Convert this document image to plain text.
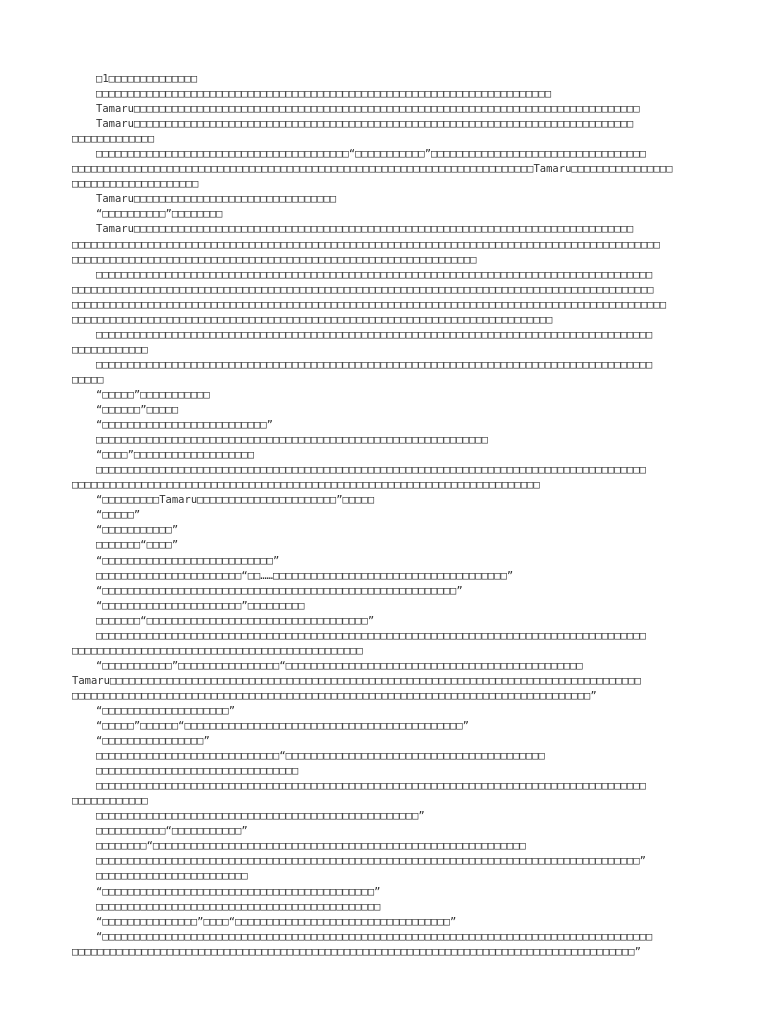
□1□□□□□□□□□□□□□□
□□□□□□□□□□□□□□□□□□□□□□□□□□□□□□□□□□□□□□□□□□□□□□□□□□□□□□□□□□□□□□□□□□□□□□□□
Tamaru□□□□□□□□□□□□□□□□□□□□□□□□□□□□□□□□□□□□□□□□□□□□□□□□□□□□□□□□□□□□□□□□□□□□□□□□□□□□□□□□
Tamaru□□□□□□□□□□□□□□□□□□□□□□□□□□□□□□□□□□□□□□□□□□□□□□□□□□□□□□□□□□□□□□□□□□□□□□□□□□□□□□□
□□□□□□□□□□□□□
□□□□□□□□□□□□□□□□□□□□□□□□□□□□□□□□□□□□□□□□“□□□□□□□□□□□”□□□□□□□□□□□□□□□□□□□□□□□□□□□□□□□□□□
□□□□□□□□□□□□□□□□□□□□□□□□□□□□□□□□□□□□□□□□□□□□□□□□□□□□□□□□□□□□□□□□□□□□□□□□□Tamaru□□□□□□□□□□□□□□□□
□□□□□□□□□□□□□□□□□□□□
Tamaru□□□□□□□□□□□□□□□□□□□□□□□□□□□□□□□□
“□□□□□□□□□□”□□□□□□□□
Tamaru□□□□□□□□□□□□□□□□□□□□□□□□□□□□□□□□□□□□□□□□□□□□□□□□□□□□□□□□□□□□□□□□□□□□□□□□□□□□□□□
□□□□□□□□□□□□□□□□□□□□□□□□□□□□□□□□□□□□□□□□□□□□□□□□□□□□□□□□□□□□□□□□□□□□□□□□□□□□□□□□□□□□□□□□□□□□□
□□□□□□□□□□□□□□□□□□□□□□□□□□□□□□□□□□□□□□□□□□□□□□□□□□□□□□□□□□□□□□□□
□□□□□□□□□□□□□□□□□□□□□□□□□□□□□□□□□□□□□□□□□□□□□□□□□□□□□□□□□□□□□□□□□□□□□□□□□□□□□□□□□□□□□□□□
□□□□□□□□□□□□□□□□□□□□□□□□□□□□□□□□□□□□□□□□□□□□□□□□□□□□□□□□□□□□□□□□□□□□□□□□□□□□□□□□□□□□□□□□□□□□
□□□□□□□□□□□□□□□□□□□□□□□□□□□□□□□□□□□□□□□□□□□□□□□□□□□□□□□□□□□□□□□□□□□□□□□□□□□□□□□□□□□□□□□□□□□□□□
□□□□□□□□□□□□□□□□□□□□□□□□□□□□□□□□□□□□□□□□□□□□□□□□□□□□□□□□□□□□□□□□□□□□□□□□□□□□
□□□□□□□□□□□□□□□□□□□□□□□□□□□□□□□□□□□□□□□□□□□□□□□□□□□□□□□□□□□□□□□□□□□□□□□□□□□□□□□□□□□□□□□□
□□□□□□□□□□□□
□□□□□□□□□□□□□□□□□□□□□□□□□□□□□□□□□□□□□□□□□□□□□□□□□□□□□□□□□□□□□□□□□□□□□□□□□□□□□□□□□□□□□□□□
□□□□□
“□□□□□”□□□□□□□□□□□
“□□□□□□”□□□□□
“□□□□□□□□□□□□□□□□□□□□□□□□□□”
□□□□□□□□□□□□□□□□□□□□□□□□□□□□□□□□□□□□□□□□□□□□□□□□□□□□□□□□□□□□□□
“□□□□”□□□□□□□□□□□□□□□□□□□
□□□□□□□□□□□□□□□□□□□□□□□□□□□□□□□□□□□□□□□□□□□□□□□□□□□□□□□□□□□□□□□□□□□□□□□□□□□□□□□□□□□□□□□
□□□□□□□□□□□□□□□□□□□□□□□□□□□□□□□□□□□□□□□□□□□□□□□□□□□□□□□□□□□□□□□□□□□□□□□□□□
“□□□□□□□□□Tamaru□□□□□□□□□□□□□□□□□□□□□□”□□□□□
“□□□□□”
“□□□□□□□□□□□”
□□□□□□□“□□□□”
“□□□□□□□□□□□□□□□□□□□□□□□□□□□”
□□□□□□□□□□□□□□□□□□□□□□□“□□……□□□□□□□□□□□□□□□□□□□□□□□□□□□□□□□□□□□□□”
“□□□□□□□□□□□□□□□□□□□□□□□□□□□□□□□□□□□□□□□□□□□□□□□□□□□□□□□□”
“□□□□□□□□□□□□□□□□□□□□□□”□□□□□□□□□
□□□□□□□“□□□□□□□□□□□□□□□□□□□□□□□□□□□□□□□□□□□”
□□□□□□□□□□□□□□□□□□□□□□□□□□□□□□□□□□□□□□□□□□□□□□□□□□□□□□□□□□□□□□□□□□□□□□□□□□□□□□□□□□□□□□□
□□□□□□□□□□□□□□□□□□□□□□□□□□□□□□□□□□□□□□□□□□□□□□
“□□□□□□□□□□□”□□□□□□□□□□□□□□□□“□□□□□□□□□□□□□□□□□□□□□□□□□□□□□□□□□□□□□□□□□□□□□□□
Tamaru□□□□□□□□□□□□□□□□□□□□□□□□□□□□□□□□□□□□□□□□□□□□□□□□□□□□□□□□□□□□□□□□□□□□□□□□□□□□□□□□□□□□
□□□□□□□□□□□□□□□□□□□□□□□□□□□□□□□□□□□□□□□□□□□□□□□□□□□□□□□□□□□□□□□□□□□□□□□□□□□□□□□□□□”
“□□□□□□□□□□□□□□□□□□□□”
“□□□□□”□□□□□□“□□□□□□□□□□□□□□□□□□□□□□□□□□□□□□□□□□□□□□□□□□□□”
“□□□□□□□□□□□□□□□□”
□□□□□□□□□□□□□□□□□□□□□□□□□□□□□“□□□□□□□□□□□□□□□□□□□□□□□□□□□□□□□□□□□□□□□□□
□□□□□□□□□□□□□□□□□□□□□□□□□□□□□□□□
□□□□□□□□□□□□□□□□□□□□□□□□□□□□□□□□□□□□□□□□□□□□□□□□□□□□□□□□□□□□□□□□□□□□□□□□□□□□□□□□□□□□□□□
□□□□□□□□□□□□
□□□□□□□□□□□□□□□□□□□□□□□□□□□□□□□□□□□□□□□□□□□□□□□□□□□”
□□□□□□□□□□□“□□□□□□□□□□□”
□□□□□□□□“□□□□□□□□□□□□□□□□□□□□□□□□□□□□□□□□□□□□□□□□□□□□□□□□□□□□□□□□□□□
□□□□□□□□□□□□□□□□□□□□□□□□□□□□□□□□□□□□□□□□□□□□□□□□□□□□□□□□□□□□□□□□□□□□□□□□□□□□□□□□□□□□□□”
□□□□□□□□□□□□□□□□□□□□□□□□
“□□□□□□□□□□□□□□□□□□□□□□□□□□□□□□□□□□□□□□□□□□□”
□□□□□□□□□□□□□□□□□□□□□□□□□□□□□□□□□□□□□□□□□□□□□
“□□□□□□□□□□□□□□□”□□□□“□□□□□□□□□□□□□□□□□□□□□□□□□□□□□□□□□□”
“□□□□□□□□□□□□□□□□□□□□□□□□□□□□□□□□□□□□□□□□□□□□□□□□□□□□□□□□□□□□□□□□□□□□□□□□□□□□□□□□□□□□□□□
□□□□□□□□□□□□□□□□□□□□□□□□□□□□□□□□□□□□□□□□□□□□□□□□□□□□□□□□□□□□□□□□□□□□□□□□□□□□□□□□□□□□□□□□□”
